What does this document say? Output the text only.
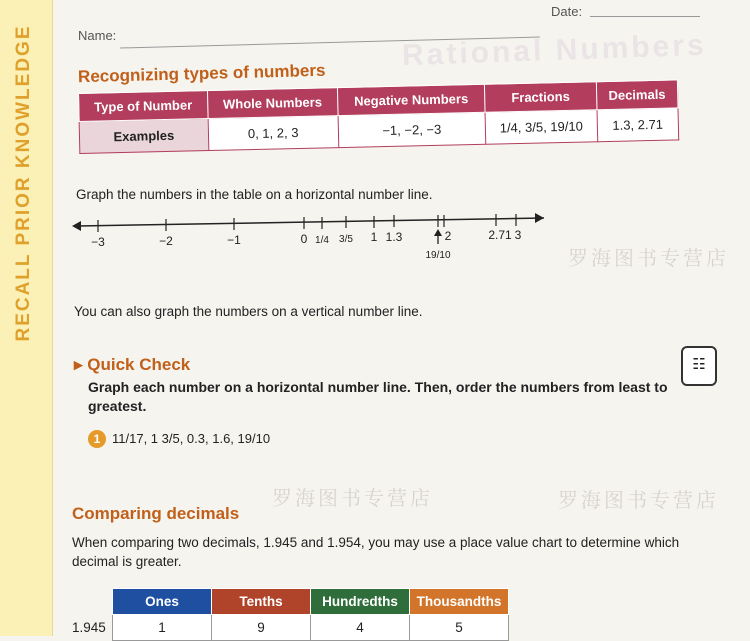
RECALL PRIOR KNOWLEDGE	Rational Numbers
罗海图书专营店
罗海图书专营店	罗海图书专营店
Name:
Date:
Recognizing types of numbers
Type of Number	Whole Numbers	Negative Numbers	Fractions	Decimals
Examples	0, 1, 2, 3	−1, −2, −3	1/4, 3/5, 19/10	1.3, 2.71
Graph the numbers in the table on a horizontal number line.
−3	−2	−1	0 1/4 3/5 1 1.3	2	2.71 3
19/10
You can also graph the numbers on a vertical number line.
▸ Quick Check	☷
Graph each number on a horizontal number line. Then, order the numbers from least to greatest.
1 11/17, 1 3/5, 0.3, 1.6, 19/10
Comparing decimals
When comparing two decimals, 1.945 and 1.954, you may use a place value chart to determine which decimal is greater.
	Ones	Tenths	Hundredths	Thousandths
1.945	1	9	4	5
